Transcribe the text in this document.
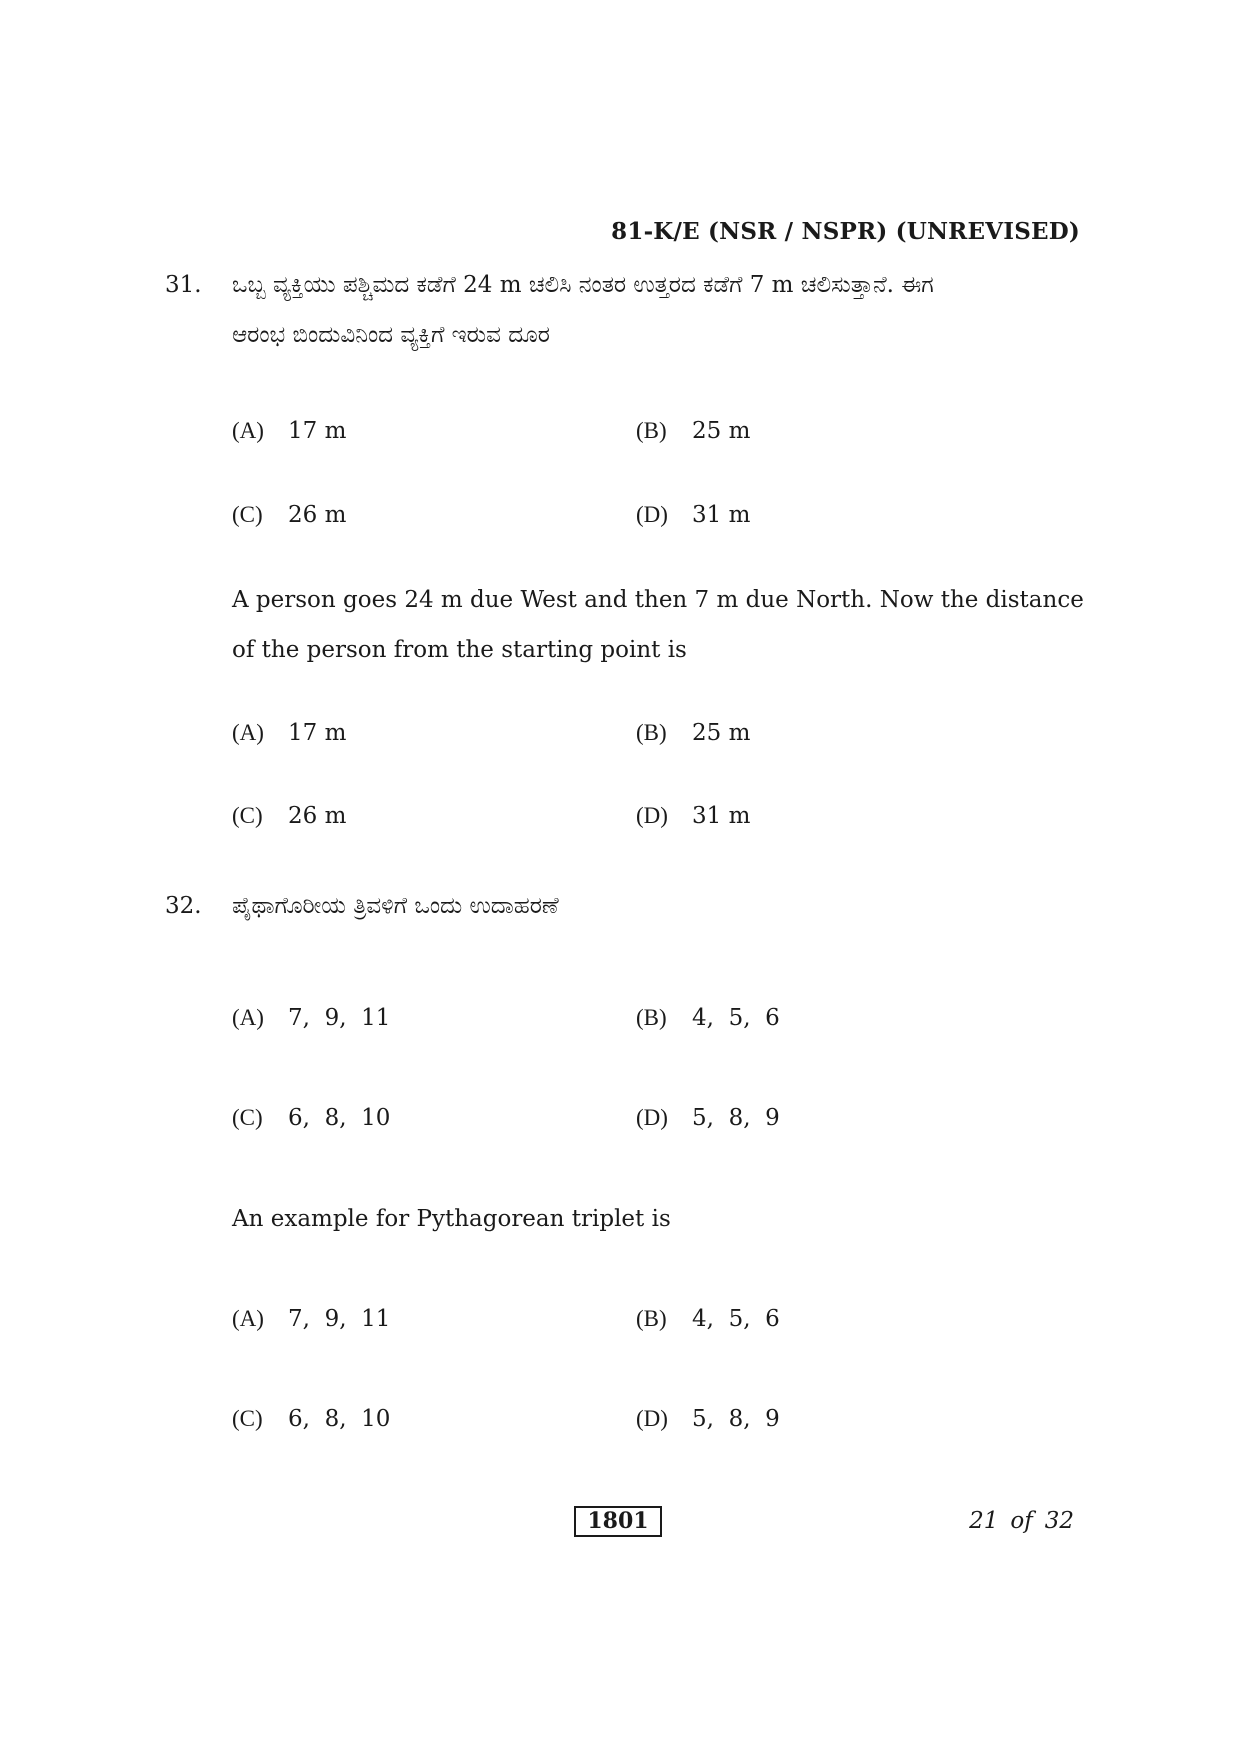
81-K/E (NSR / NSPR) (UNREVISED)
31. ಒಬ್ಬ ವ್ಯಕ್ತಿಯು ಪಶ್ಚಿಮದ ಕಡೆಗೆ 24 m ಚಲಿಸಿ ನಂತರ ಉತ್ತರದ ಕಡೆಗೆ 7 m ಚಲಿಸುತ್ತಾನೆ. ಈಗ
ಆರಂಭ ಬಿಂದುವಿನಿಂದ ವ್ಯಕ್ತಿಗೆ ಇರುವ ದೂರ
(A) 17 m	(B) 25 m
(C) 26 m	(D) 31 m
A person goes 24 m due West and then 7 m due North. Now the distance
of the person from the starting point is
(A) 17 m	(B) 25 m
(C) 26 m	(D) 31 m
32. ಪೈಥಾಗೊರೀಯ ತ್ರಿವಳಿಗೆ ಒಂದು ಉದಾಹರಣೆ
(A) 7,  9,  11	(B) 4,  5,  6
(C) 6,  8,  10	(D) 5,  8,  9
An example for Pythagorean triplet is
(A) 7,  9,  11	(B) 4,  5,  6
(C) 6,  8,  10	(D) 5,  8,  9
1801	21 of 32
